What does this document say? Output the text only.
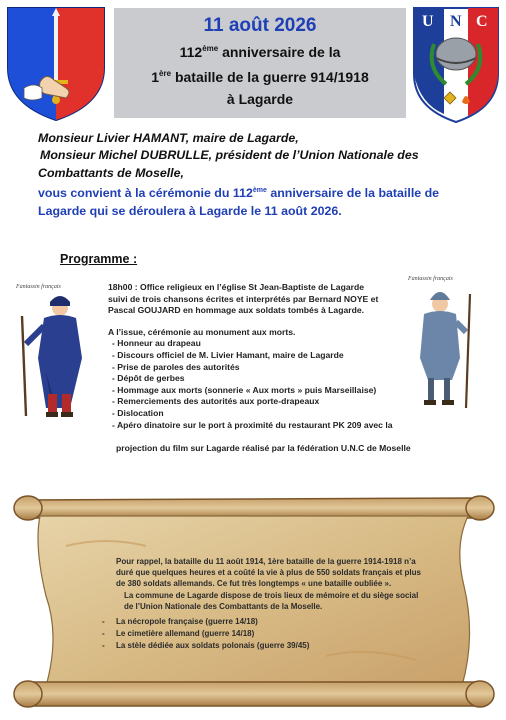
11 août 2026
112ème anniversaire de la
1ère bataille de la guerre 914/1918
à Lagarde
U N C
Monsieur Livier HAMANT, maire de Lagarde,
Monsieur Michel DUBRULLE, président de l’Union Nationale des
Combattants de Moselle,
vous convient à la cérémonie du 112ème anniversaire de la bataille de
Lagarde qui se déroulera à Lagarde le 11 août 2026.
Programme :
Fantassin français	18h00 : Office religieux en l’église St Jean-Baptiste de Lagarde
suivi de trois chansons écrites et interprétés par Bernard NOYE et
Pascal GOUJARD en hommage aux soldats tombés à Lagarde.
A l’issue, cérémonie au monument aux morts.
- Honneur au drapeau
- Discours officiel de M. Livier Hamant, maire de Lagarde
- Prise de paroles des autorités
- Dépôt de gerbes
- Hommage aux morts (sonnerie « Aux morts » puis Marseillaise)
- Remerciements des autorités aux porte-drapeaux
- Dislocation
- Apéro dinatoire sur le port à proximité du restaurant PK 209 avec la
projection du film sur Lagarde réalisé par la fédération U.N.C de Moselle
Fantassin français
Pour rappel, la bataille du 11 août 1914, 1ère bataille de la guerre 1914-1918 n’a
duré que quelques heures et a coûté la vie à plus de 550 soldats français et plus
de 380 soldats allemands. Ce fut très longtemps « une bataille oubliée ».
La commune de Lagarde dispose de trois lieux de mémoire et du siège social
de l’Union Nationale des Combattants de la Moselle.
- La nécropole française (guerre 14/18)
- Le cimetière allemand (guerre 14/18)
- La stèle dédiée aux soldats polonais (guerre 39/45)
